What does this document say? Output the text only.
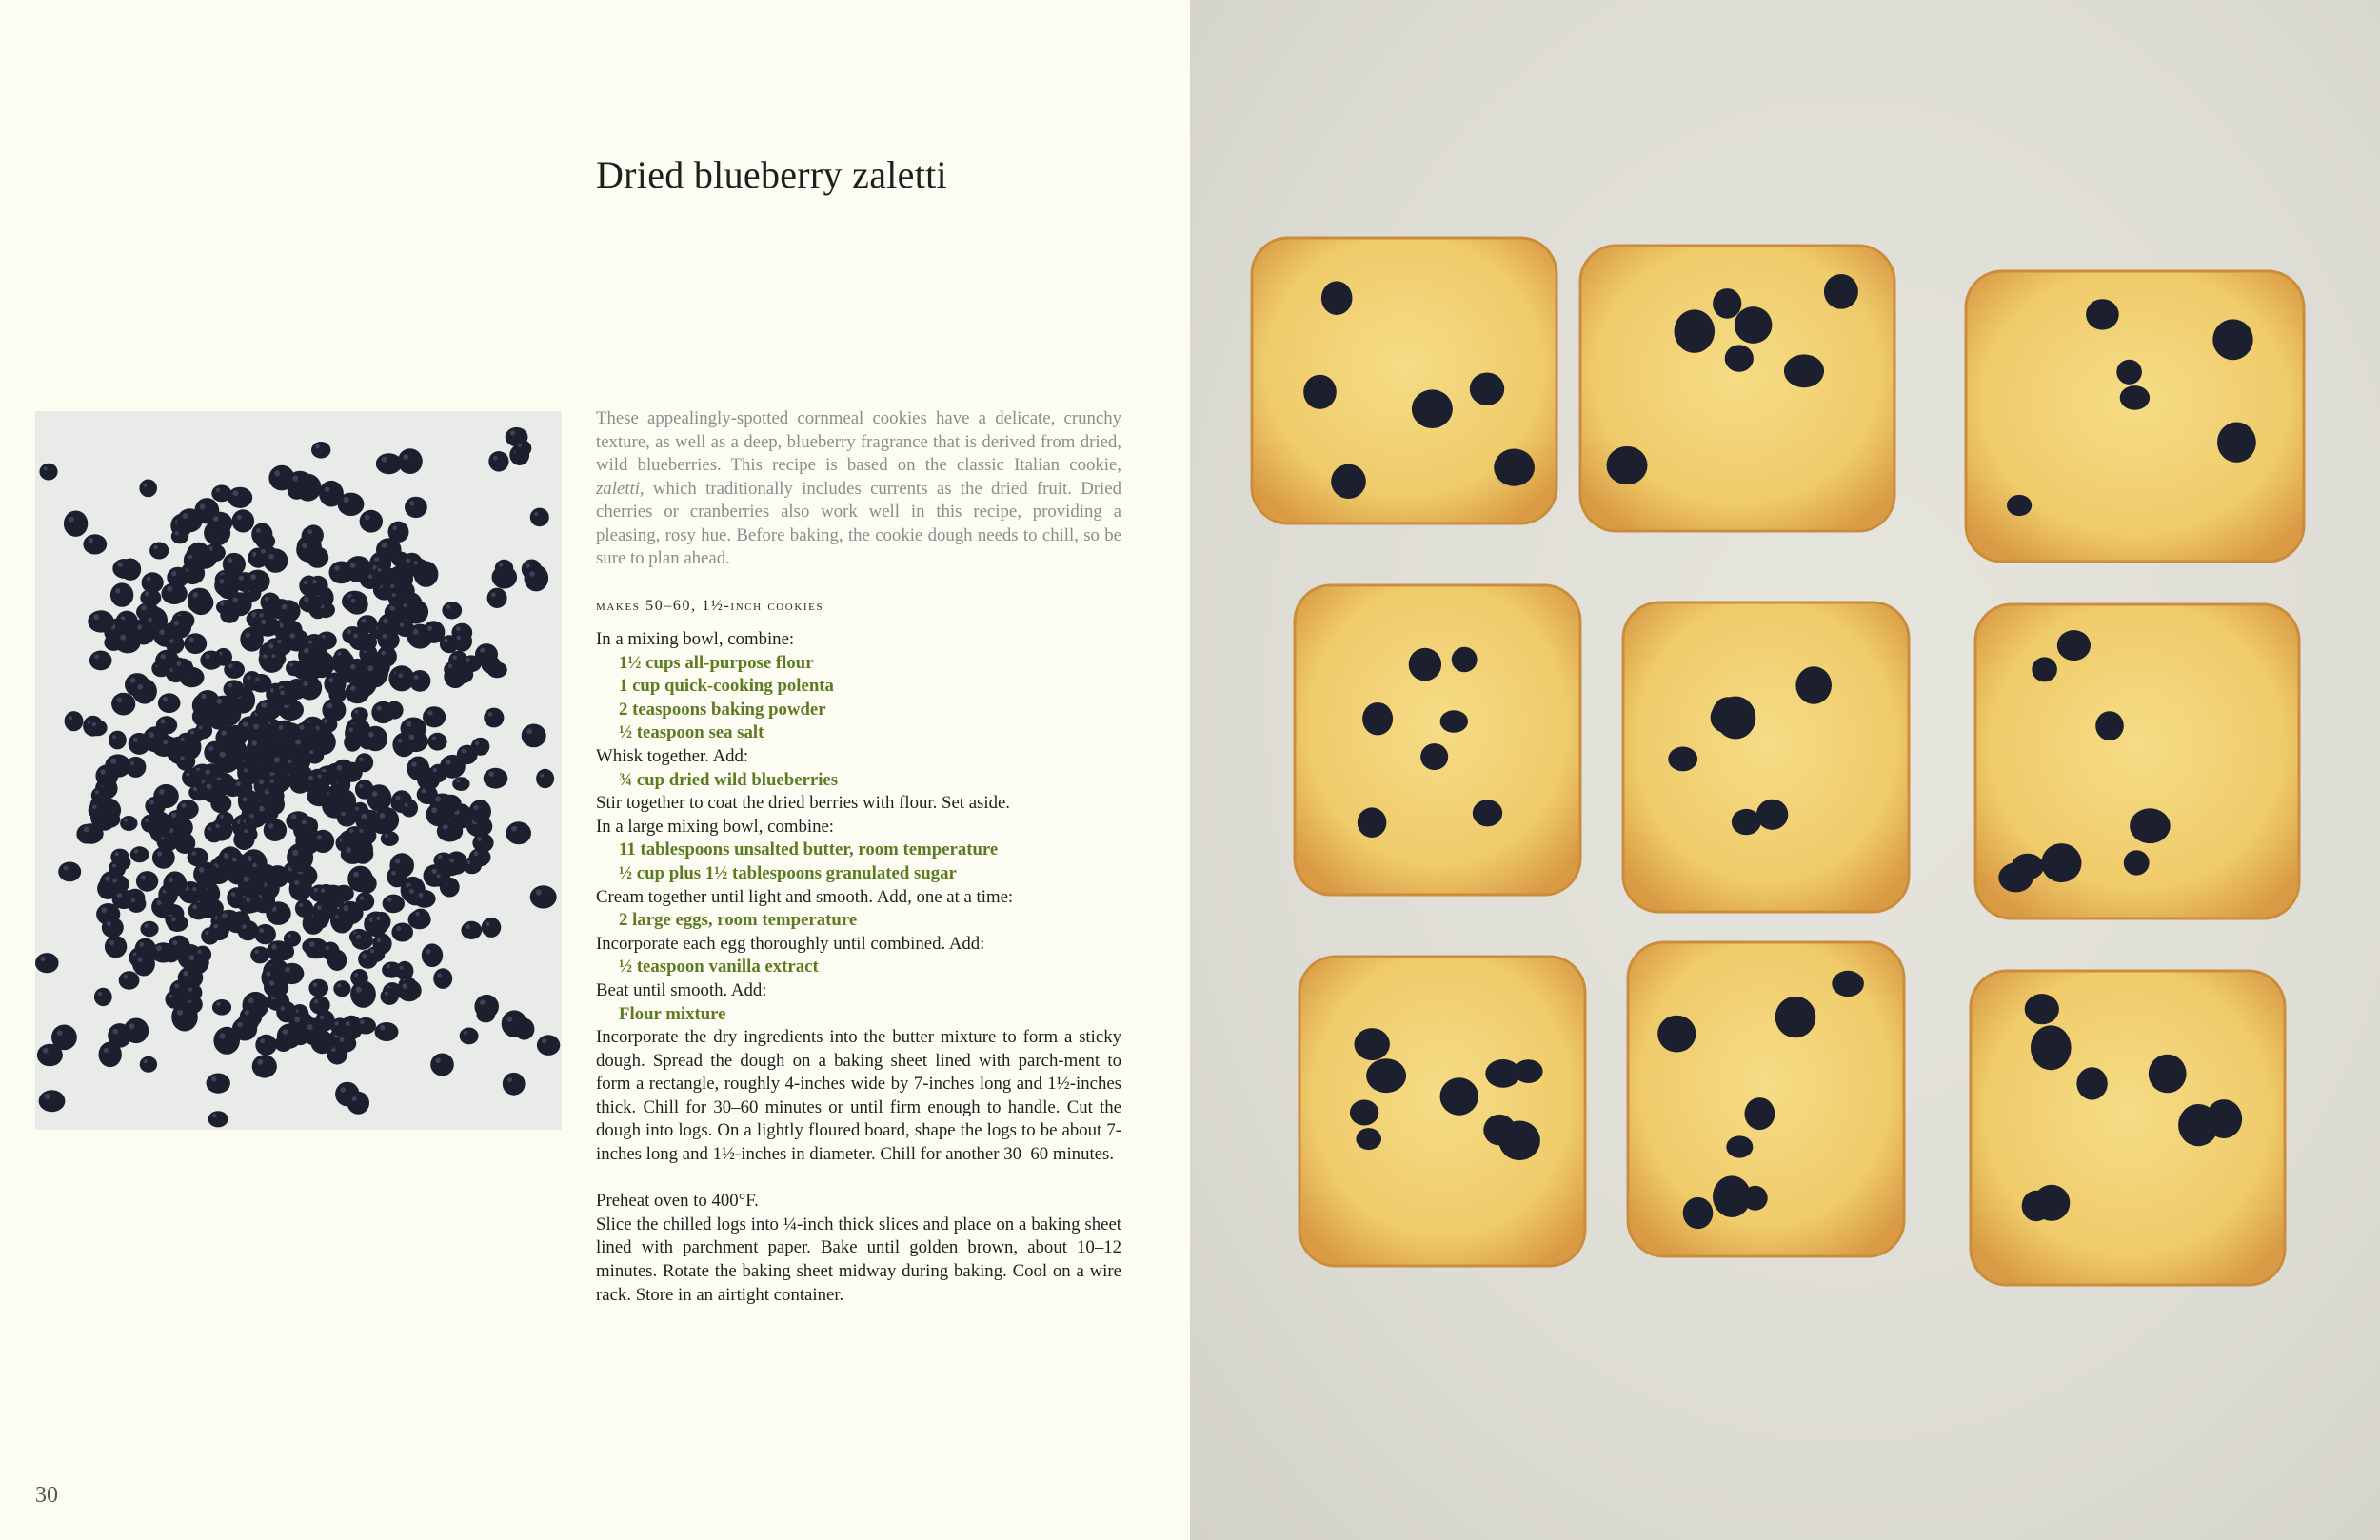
Dried blueberry zaletti

These appealingly-spotted cornmeal cookies have a delicate, crunchy texture, as well as a deep, blueberry fragrance that is derived from dried, wild blueberries. This recipe is based on the classic Italian cookie, zaletti, which traditionally includes currents as the dried fruit. Dried cherries or cranberries also work well in this recipe, providing a pleasing, rosy hue. Before baking, the cookie dough needs to chill, so be sure to plan ahead.

makes 50–60, 1½-inch cookies
In a mixing bowl, combine:
1½ cups all-purpose flour
1 cup quick-cooking polenta
2 teaspoons baking powder
½ teaspoon sea salt
Whisk together. Add:
¾ cup dried wild blueberries
Stir together to coat the dried berries with flour. Set aside.
In a large mixing bowl, combine:
11 tablespoons unsalted butter, room temperature
½ cup plus 1½ tablespoons granulated sugar
Cream together until light and smooth. Add, one at a time:
2 large eggs, room temperature
Incorporate each egg thoroughly until combined. Add:
½ teaspoon vanilla extract
Beat until smooth. Add:
Flour mixture
Incorporate the dry ingredients into the butter mixture to form a sticky dough. Spread the dough on a baking sheet lined with parch-ment to form a rectangle, roughly 4-inches wide by 7-inches long and 1½-inches thick. Chill for 30–60 minutes or until firm enough to handle. Cut the dough into logs. On a lightly floured board, shape the logs to be about 7-inches long and 1½-inches in diameter. Chill for another 30–60 minutes.
Preheat oven to 400°F.
Slice the chilled logs into ¼-inch thick slices and place on a baking sheet lined with parchment paper. Bake until golden brown, about 10–12 minutes. Rotate the baking sheet midway during baking. Cool on a wire rack. Store in an airtight container.
30
